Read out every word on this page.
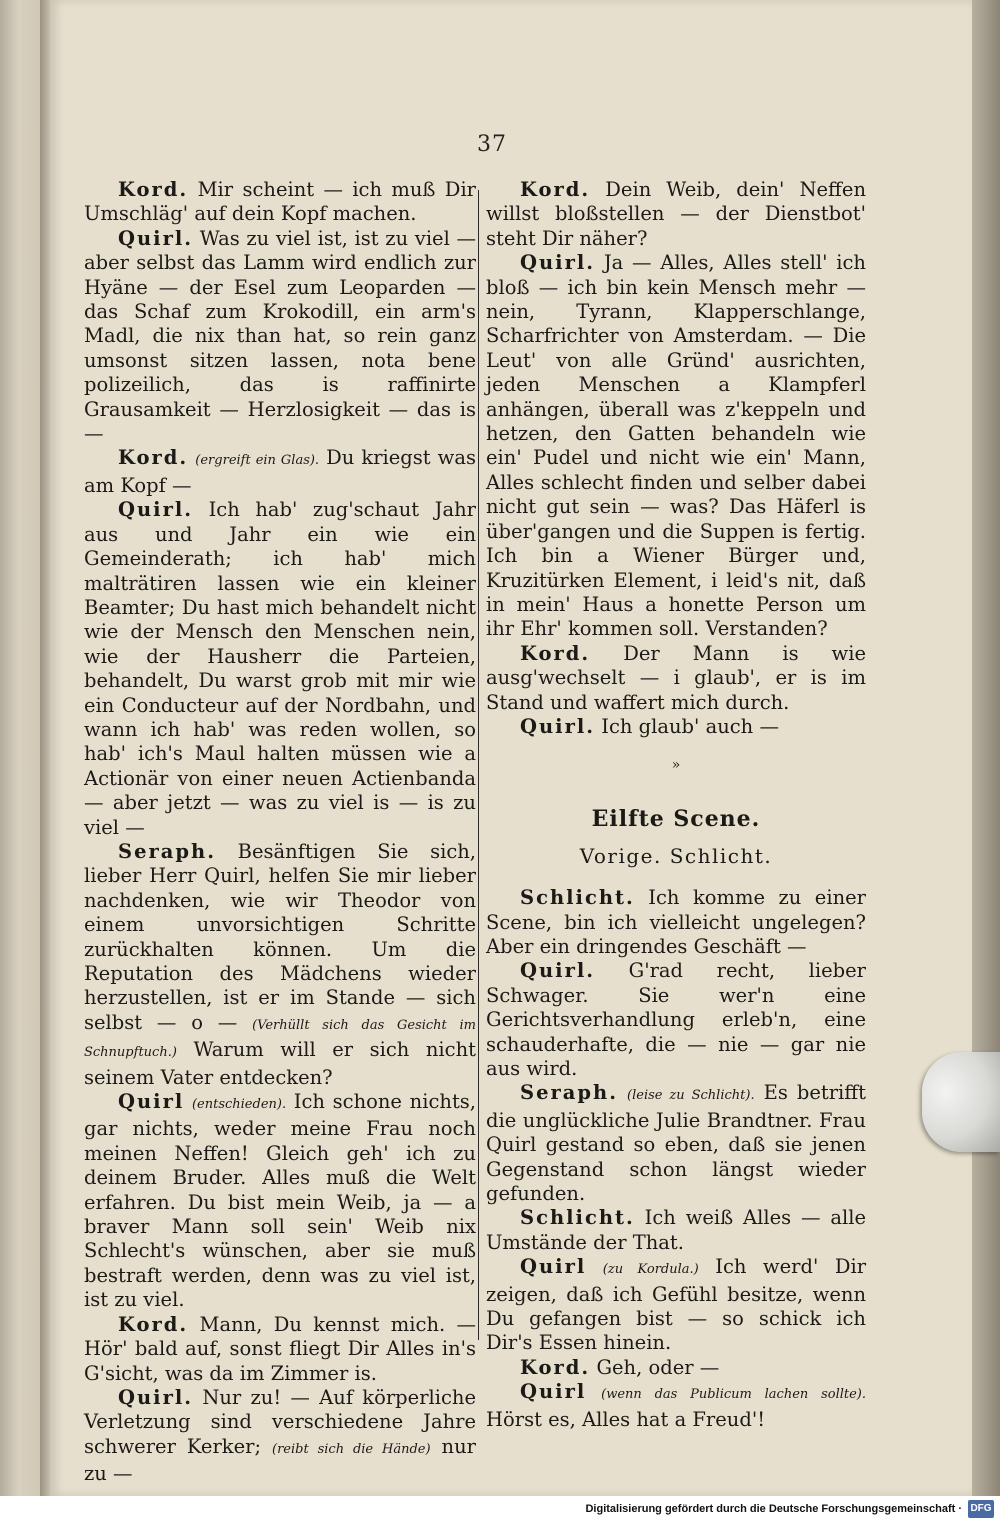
37

Kord. Mir scheint — ich muß Dir Umschläg' auf dein Kopf machen.

Quirl. Was zu viel ist, ist zu viel — aber selbst das Lamm wird endlich zur Hyäne — der Esel zum Leoparden — das Schaf zum Krokodill, ein arm's Madl, die nix than hat, so rein ganz umsonst sitzen lassen, nota bene polizeilich, das is raffinirte Grausamkeit — Herzlosigkeit — das is —

Kord. (ergreift ein Glas). Du kriegst was am Kopf —

Quirl. Ich hab' zug'schaut Jahr aus und Jahr ein wie ein Gemeinderath; ich hab' mich malträtiren lassen wie ein kleiner Beamter; Du hast mich behandelt nicht wie der Mensch den Menschen nein, wie der Hausherr die Parteien, behandelt, Du warst grob mit mir wie ein Conducteur auf der Nordbahn, und wann ich hab' was reden wollen, so hab' ich's Maul halten müssen wie a Actionär von einer neuen Actienbanda — aber jetzt — was zu viel is — is zu viel —

Seraph. Besänftigen Sie sich, lieber Herr Quirl, helfen Sie mir lieber nachdenken, wie wir Theodor von einem unvorsichtigen Schritte zurückhalten können. Um die Reputation des Mädchens wieder herzustellen, ist er im Stande — sich selbst — o — (Verhüllt sich das Gesicht im Schnupftuch.) Warum will er sich nicht seinem Vater entdecken?

Quirl (entschieden). Ich schone nichts, gar nichts, weder meine Frau noch meinen Neffen! Gleich geh' ich zu deinem Bruder. Alles muß die Welt erfahren. Du bist mein Weib, ja — a braver Mann soll sein' Weib nix Schlecht's wünschen, aber sie muß bestraft werden, denn was zu viel ist, ist zu viel.

Kord. Mann, Du kennst mich. — Hör' bald auf, sonst fliegt Dir Alles in's G'sicht, was da im Zimmer is.

Quirl. Nur zu! — Auf körperliche Verletzung sind verschiedene Jahre schwerer Kerker; (reibt sich die Hände) nur zu —

Kord. Dein Weib, dein' Neffen willst bloßstellen — der Dienstbot' steht Dir näher?

Quirl. Ja — Alles, Alles stell' ich bloß — ich bin kein Mensch mehr — nein, Tyrann, Klapperschlange, Scharfrichter von Amsterdam. — Die Leut' von alle Gründ' ausrichten, jeden Menschen a Klampferl anhängen, überall was z'keppeln und hetzen, den Gatten behandeln wie ein' Pudel und nicht wie ein' Mann, Alles schlecht finden und selber dabei nicht gut sein — was? Das Häferl is über'gangen und die Suppen is fertig. Ich bin a Wiener Bürger und, Kruzitürken Element, i leid's nit, daß in mein' Haus a honette Person um ihr Ehr' kommen soll. Verstanden?

Kord. Der Mann is wie ausg'wechselt — i glaub', er is im Stand und waffert mich durch.

Quirl. Ich glaub' auch —

»
Eilfte Scene.
Vorige. Schlicht.

Schlicht. Ich komme zu einer Scene, bin ich vielleicht ungelegen? Aber ein dringendes Geschäft —

Quirl. G'rad recht, lieber Schwager. Sie wer'n eine Gerichtsverhandlung erleb'n, eine schauderhafte, die — nie — gar nie aus wird.

Seraph. (leise zu Schlicht). Es betrifft die unglückliche Julie Brandtner. Frau Quirl gestand so eben, daß sie jenen Gegenstand schon längst wieder gefunden.

Schlicht. Ich weiß Alles — alle Umstände der That.

Quirl (zu Kordula.) Ich werd' Dir zeigen, daß ich Gefühl besitze, wenn Du gefangen bist — so schick ich Dir's Essen hinein.

Kord. Geh, oder —

Quirl (wenn das Publicum lachen sollte). Hörst es, Alles hat a Freud'!

Digitalisierung gefördert durch die Deutsche Forschungsgemeinschaft · DFG
